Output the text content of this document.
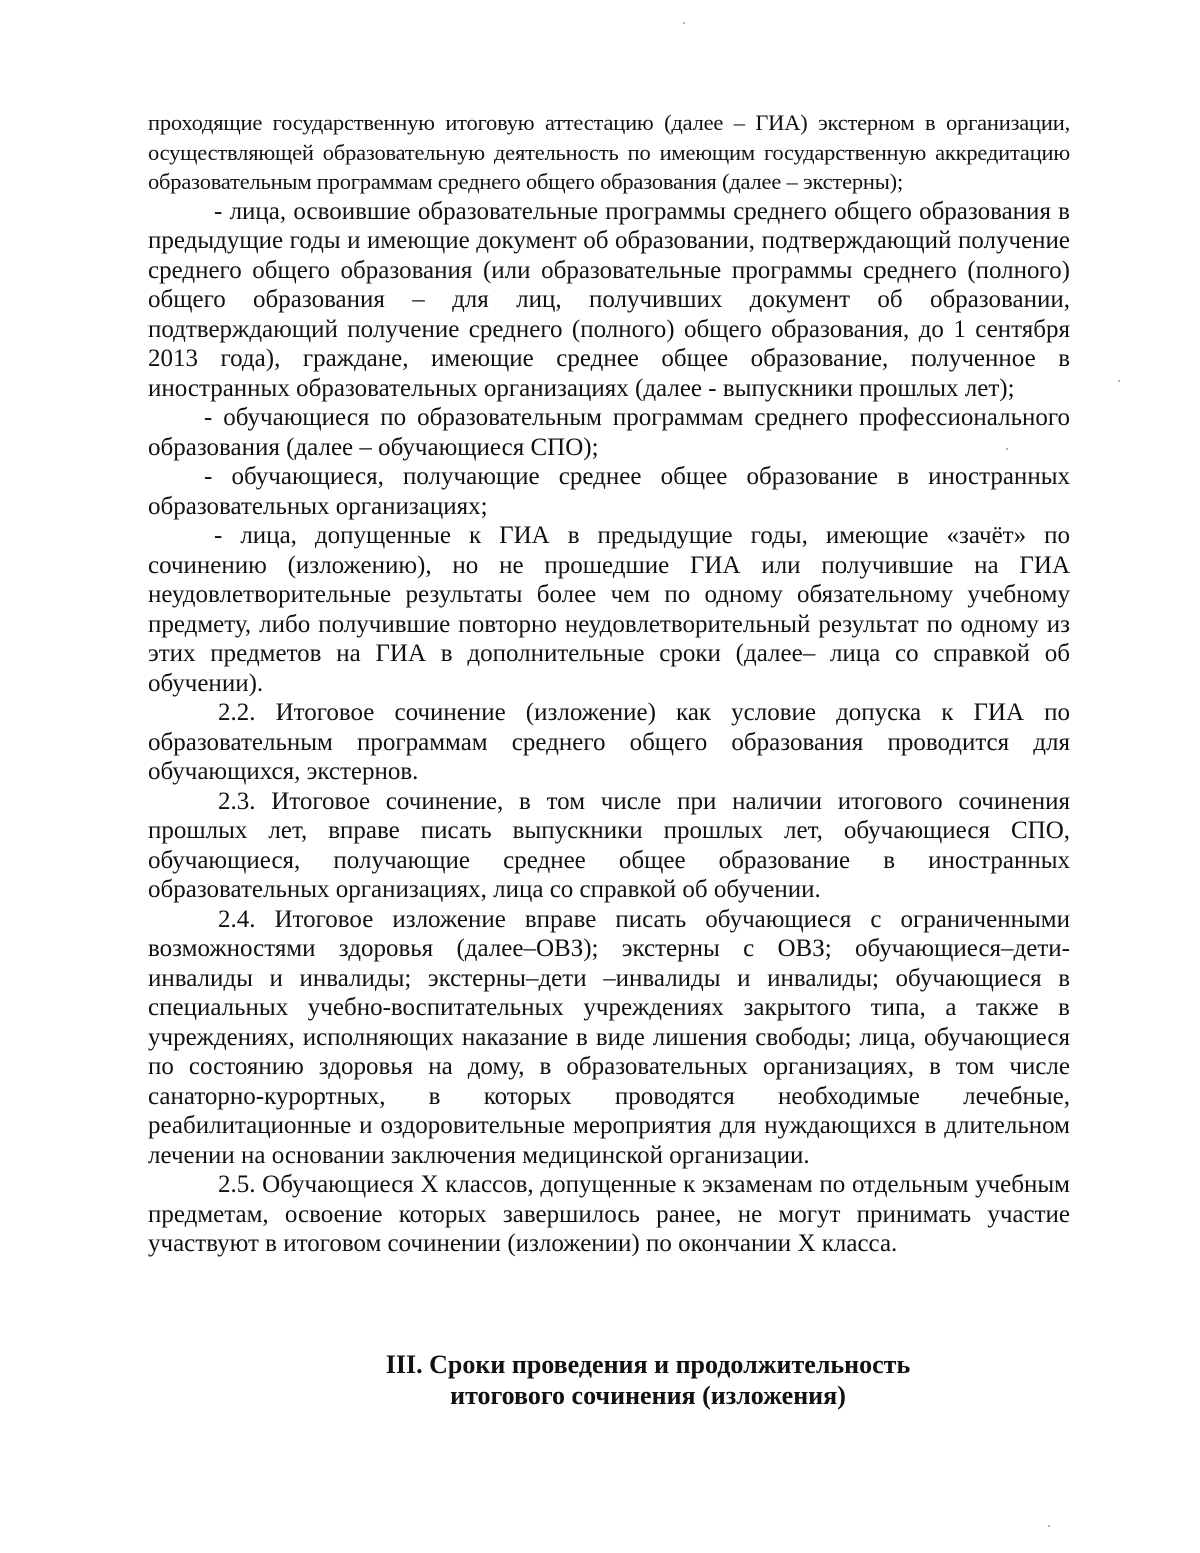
проходящие государственную итоговую аттестацию (далее – ГИА) экстерном в организации, осуществляющей образовательную деятельность по имеющим государственную аккредитацию образовательным программам среднего общего образования (далее – экстерны);

- лица, освоившие образовательные программы среднего общего образования в предыдущие годы и имеющие документ об образовании, подтверждающий получение среднего общего образования (или образовательные программы среднего (полного) общего образования – для лиц, получивших документ об образовании, подтверждающий получение среднего (полного) общего образования, до 1 сентября 2013 года), граждане, имеющие среднее общее образование, полученное в иностранных образовательных организациях (далее - выпускники прошлых лет);

- обучающиеся по образовательным программам среднего профессионального образования (далее – обучающиеся СПО);

- обучающиеся, получающие среднее общее образование в иностранных образовательных организациях;

- лица, допущенные к ГИА в предыдущие годы, имеющие «зачёт» по сочинению (изложению), но не прошедшие ГИА или получившие на ГИА неудовлетворительные результаты более чем по одному обязательному учебному предмету, либо получившие повторно неудовлетворительный результат по одному из этих предметов на ГИА в дополнительные сроки (далее– лица со справкой об обучении).

2.2. Итоговое сочинение (изложение) как условие допуска к ГИА по образовательным программам среднего общего образования проводится для обучающихся, экстернов.

2.3. Итоговое сочинение, в том числе при наличии итогового сочинения прошлых лет, вправе писать выпускники прошлых лет, обучающиеся СПО, обучающиеся, получающие среднее общее образование в иностранных образовательных организациях, лица со справкой об обучении.

2.4. Итоговое изложение вправе писать обучающиеся с ограниченными возможностями здоровья (далее–ОВЗ); экстерны с ОВЗ; обучающиеся–дети-инвалиды и инвалиды; экстерны–дети –инвалиды и инвалиды; обучающиеся в специальных учебно-воспитательных учреждениях закрытого типа, а также в учреждениях, исполняющих наказание в виде лишения свободы; лица, обучающиеся по состоянию здоровья на дому, в образовательных организациях, в том числе санаторно-курортных, в которых проводятся необходимые лечебные, реабилитационные и оздоровительные мероприятия для нуждающихся в длительном лечении на основании заключения медицинской организации.

2.5. Обучающиеся X классов, допущенные к экзаменам по отдельным учебным предметам, освоение которых завершилось ранее, не могут принимать участие участвуют в итоговом сочинении (изложении) по окончании X класса.

III. Сроки проведения и продолжительность
итогового сочинения (изложения)
